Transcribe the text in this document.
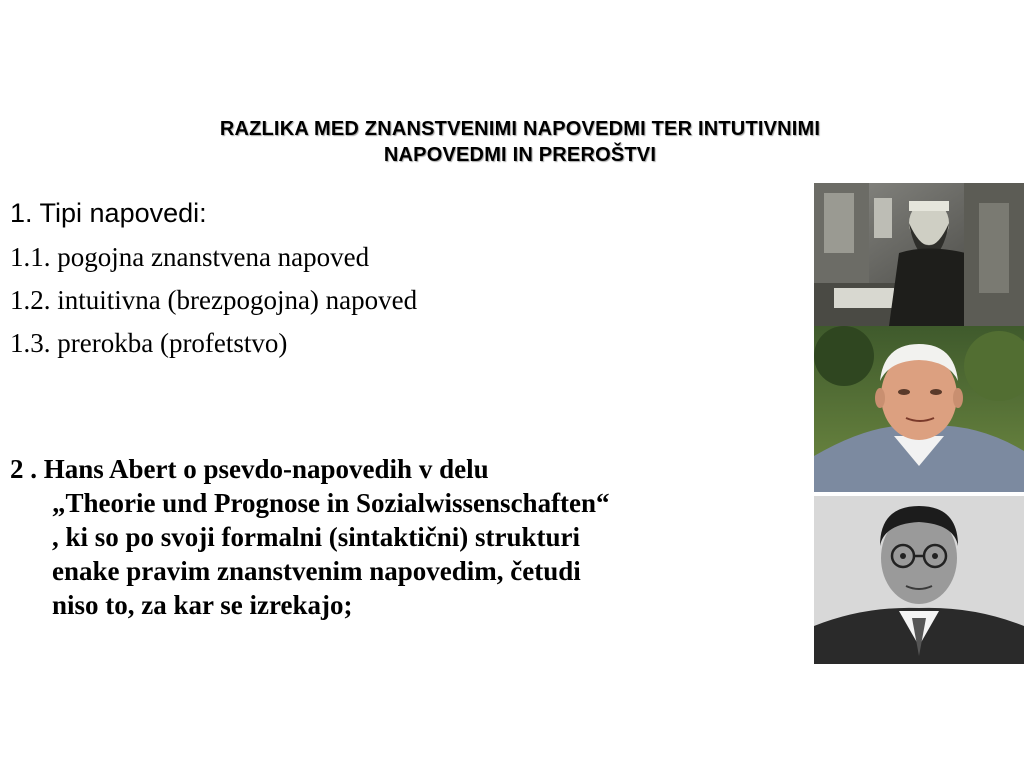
RAZLIKA MED ZNANSTVENIMI NAPOVEDMI TER INTUTIVNIMI
NAPOVEDMI IN PREROŠTVI
1. Tipi napovedi:
1.1. pogojna znanstvena napoved
1.2. intuitivna (brezpogojna) napoved
1.3. prerokba (profetstvo)
2 . Hans Abert o psevdo-napovedih v delu
„Theorie und Prognose in Sozialwissenschaften“
, ki so po svoji formalni (sintaktični) strukturi
enake pravim znanstvenim napovedim, četudi
niso to, za kar se izrekajo;
